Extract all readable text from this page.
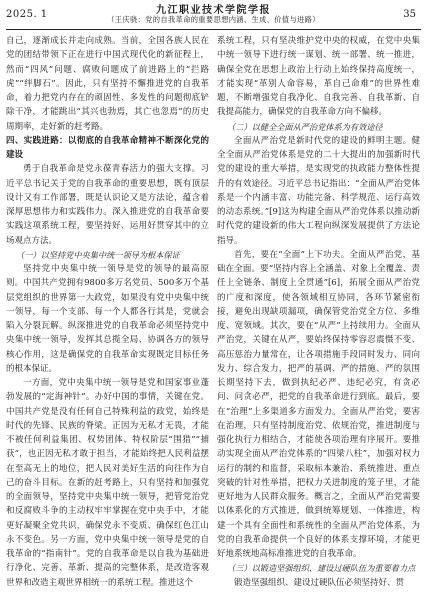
2025. 1	九江职业技术学院学报
（王庆骁：党的自我革命的重要思想内涵、生成、价值与进路）	35

自己，逐渐成长并走向成熟。当前，全国各族人民在党的团结带领下正在进行中国式现代化的新征程上，然而“四风”问题、腐败问题成了前进路上的“拦路虎”“绊脚石”。因此，只有坚持不懈推进党的自我革命，着力把党内存在的顽固性、多发性的问题彻底铲除干净，才能跳出“其兴也勃焉，其亡也忽焉”的历史周期率，走好新的赶考路。

四、实践进路：以彻底的自我革命精神不断深化党的建设

勇于自我革命是党永葆青春活力的强大支撑。习近平总书记关于党的自我革命的重要思想，既有顶层设计又有工作部署，既是认识论又是方法论，蕴含着深厚思想伟力和实践伟力。深入推进党的自我革命要实践这项系统工程，要坚持好、运用好贯穿其中的立场观点方法。

（一）以坚持党中央集中统一领导为根本保证

坚持党中央集中统一领导是党的领导的最高原则。中国共产党拥有9800多万名党员、500多万个基层党组织的世界第一大政党，如果没有党中央集中统一领导，每一个支部、每一个人都各行其是，党就会陷入分裂瓦解。纵深推进党的自我革命必须坚持党中央集中统一领导，发挥其总揽全局、协调各方的领导核心作用，这是确保党的自我革命实现既定目标任务的根本保证。

一方面，党中央集中统一领导是党和国家事业蓬勃发展的“定海神针”。办好中国的事情，关键在党。中国共产党是没有任何自己特殊利益的政党，始终是时代的先锋、民族的脊梁。正因为无私才无畏，才能不被任何利益集团、权势团体、特权阶层“围猎”“捕获”，也正因无私才敢于担当，才能始终把人民利益摆在至高无上的地位，把人民对美好生活的向往作为自己的奋斗目标。在新的赶考路上，只有坚持和加强党的全面领导，坚持党中央集中统一领导，把管党治党和反腐败斗争的主动权牢牢掌握在党中央手中，才能更好凝聚全党共识，确保党永不变质、确保红色江山永不变色。另一方面，党中央集中统一领导是党的自我革命的“指南针”。党的自我革命是以自我为基础进行净化、完善、革新、提高的完整体系，是改造客观世界和改造主观世界相统一的系统工程。推进这个

系统工程，只有坚决维护党中央的权威，在党中央集中统一领导下进行统一谋划、统一部署、统一推进，确保全党在思想上政治上行动上始终保持高度统一，才能实现“革别人命容易，革自己命难”的世界性难题，不断增强党自我净化、自我完善、自我革新、自我提高能力，确保党的自我革命方向不偏移。

（二）以健全全面从严治党体系为有效途径

全面从严治党是新时代党的建设的鲜明主题。健全全面从严治党体系是党的二十大提出的加强新时代党的建设的重大举措，是实现党的执政能力整体性提升的有效途径。习近平总书记指出：“全面从严治党体系是一个内涵丰富、功能完备、科学规范、运行高效的动态系统。”[9]这为构建全面从严治党体系以推动新时代党的建设新的伟大工程向纵深发展提供了方法论指导。

首先，要在“全面”上下功夫。全面从严治党，基础在全面。要“坚持内容上全涵盖、对象上全覆盖、责任上全链条、制度上全贯通”[6]，拓展全面从严治党的广度和深度，使各领域相互协同，各环节紧密衔接，避免出现缺项漏项，确保管党治党全方位、多维度、宽领域。其次，要在“从严”上持续用力。全面从严治党，关键在从严，要始终保持零容忍震慑不变、高压惩治力量常在，让各项措施手段同时发力、同向发力、综合发力，把严的基调、严的措施、严的氛围长期坚持下去，做到执纪必严、违纪必究，有贪必问、问贪必严，把党的自我革命进行到底。最后，要在“治理”上多渠道多方面发力。全面从严治党，要害在治理，只有坚持制度治党、依规治党，推进制度与强化执行力相结合，才能使各项治理有序展开。要推动实现全面从严治党体系的“四梁八柱”，加强对权力运行的制约和监督，采取标本兼治、系统推进、重点突破的针对性举措，把权力关进制度的笼子里，才能更好地为人民群众服务。概言之，全面从严治党需要以体系化的方式推进，做到统筹规划、一体推进，构建一个具有全面性和系统性的全面从严治党体系，为党的自我革命提供一个良好的体系支撑环境，才能更好地系统地高标准推进党的自我革命。

（三）以锻造坚强组织、建设过硬队伍为重要着力点

锻造坚强组织、建设过硬队伍必须坚持好、贯
